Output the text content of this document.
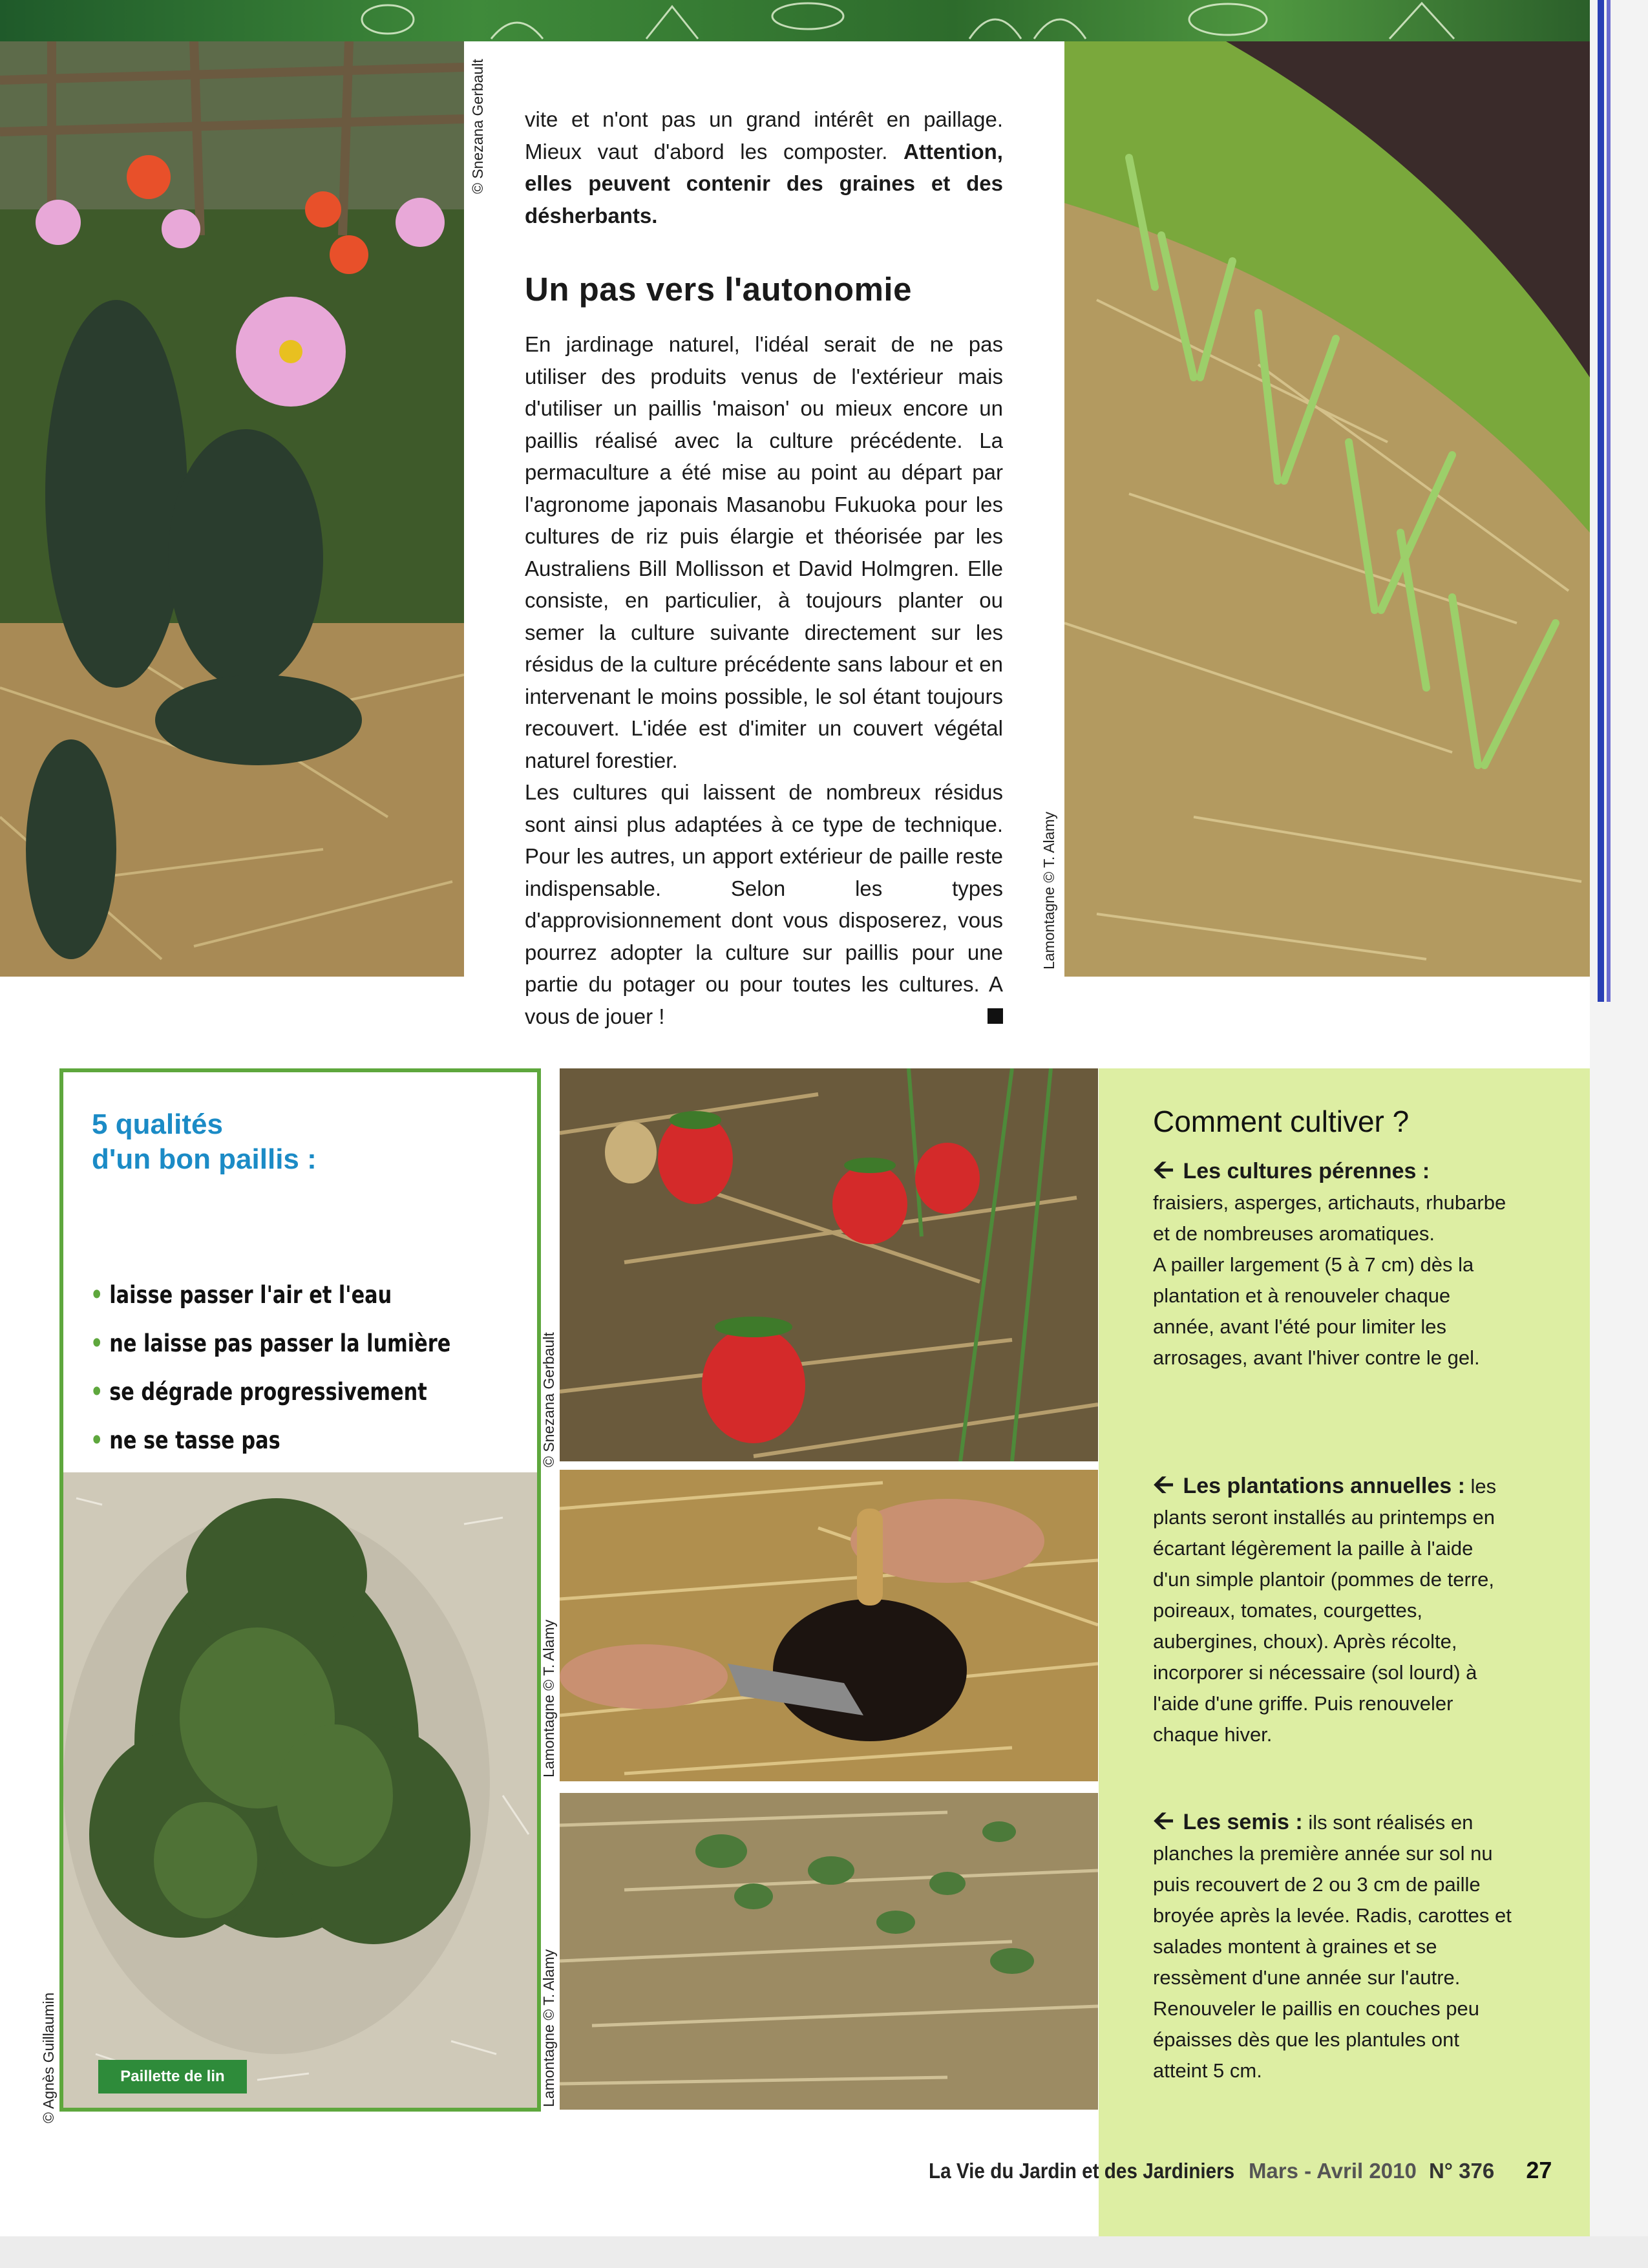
© Snezana Gerbault
Lamontagne © T. Alamy

vite et n'ont pas un grand intérêt en paillage. Mieux vaut d'abord les composter. Attention, elles peuvent contenir des graines et des désherbants.

Un pas vers l'autonomie

En jardinage naturel, l'idéal serait de ne pas utiliser des produits venus de l'extérieur mais d'utiliser un paillis 'maison' ou mieux encore un paillis réalisé avec la culture précédente. La permaculture a été mise au point au départ par l'agronome japonais Masanobu Fukuoka pour les cultures de riz puis élargie et théorisée par les Australiens Bill Mollisson et David Holmgren. Elle consiste, en particulier, à toujours planter ou semer la culture suivante directement sur les résidus de la culture précédente sans labour et en intervenant le moins possible, le sol étant toujours recouvert. L'idée est d'imiter un couvert végétal naturel forestier.

Les cultures qui laissent de nombreux résidus sont ainsi plus adaptées à ce type de technique. Pour les autres, un apport extérieur de paille reste indispensable. Selon les types d'approvisionnement dont vous disposerez, vous pourrez adopter la culture sur paillis pour une partie du potager ou pour toutes les cultures. A vous de jouer !

5 qualités
d'un bon paillis :
• laisse passer l'air et l'eau
• ne laisse pas passer la lumière
• se dégrade progressivement
• ne se tasse pas
© Agnès Guillaumin	Paillette de lin
© Snezana Gerbault
Lamontagne © T. Alamy
Lamontagne © T. Alamy
Comment cultiver ?
🡨 Les cultures pérennes :
fraisiers, asperges, artichauts, rhubarbe et de nombreuses aromatiques.
A pailler largement (5 à 7 cm) dès la plantation et à renouveler chaque année, avant l'été pour limiter les arrosages, avant l'hiver contre le gel.
🡨 Les plantations annuelles : les plants seront installés au printemps en écartant légèrement la paille à l'aide d'un simple plantoir (pommes de terre, poireaux, tomates, courgettes, aubergines, choux). Après récolte, incorporer si nécessaire (sol lourd) à l'aide d'une griffe. Puis renouveler chaque hiver.
🡨 Les semis : ils sont réalisés en planches la première année sur sol nu puis recouvert de 2 ou 3 cm de paille broyée après la levée. Radis, carottes et salades montent à graines et se ressèment d'une année sur l'autre. Renouveler le paillis en couches peu épaisses dès que les plantules ont atteint 5 cm.
La Vie du Jardin et des Jardiniers Mars - Avril 2010 N° 376 27
